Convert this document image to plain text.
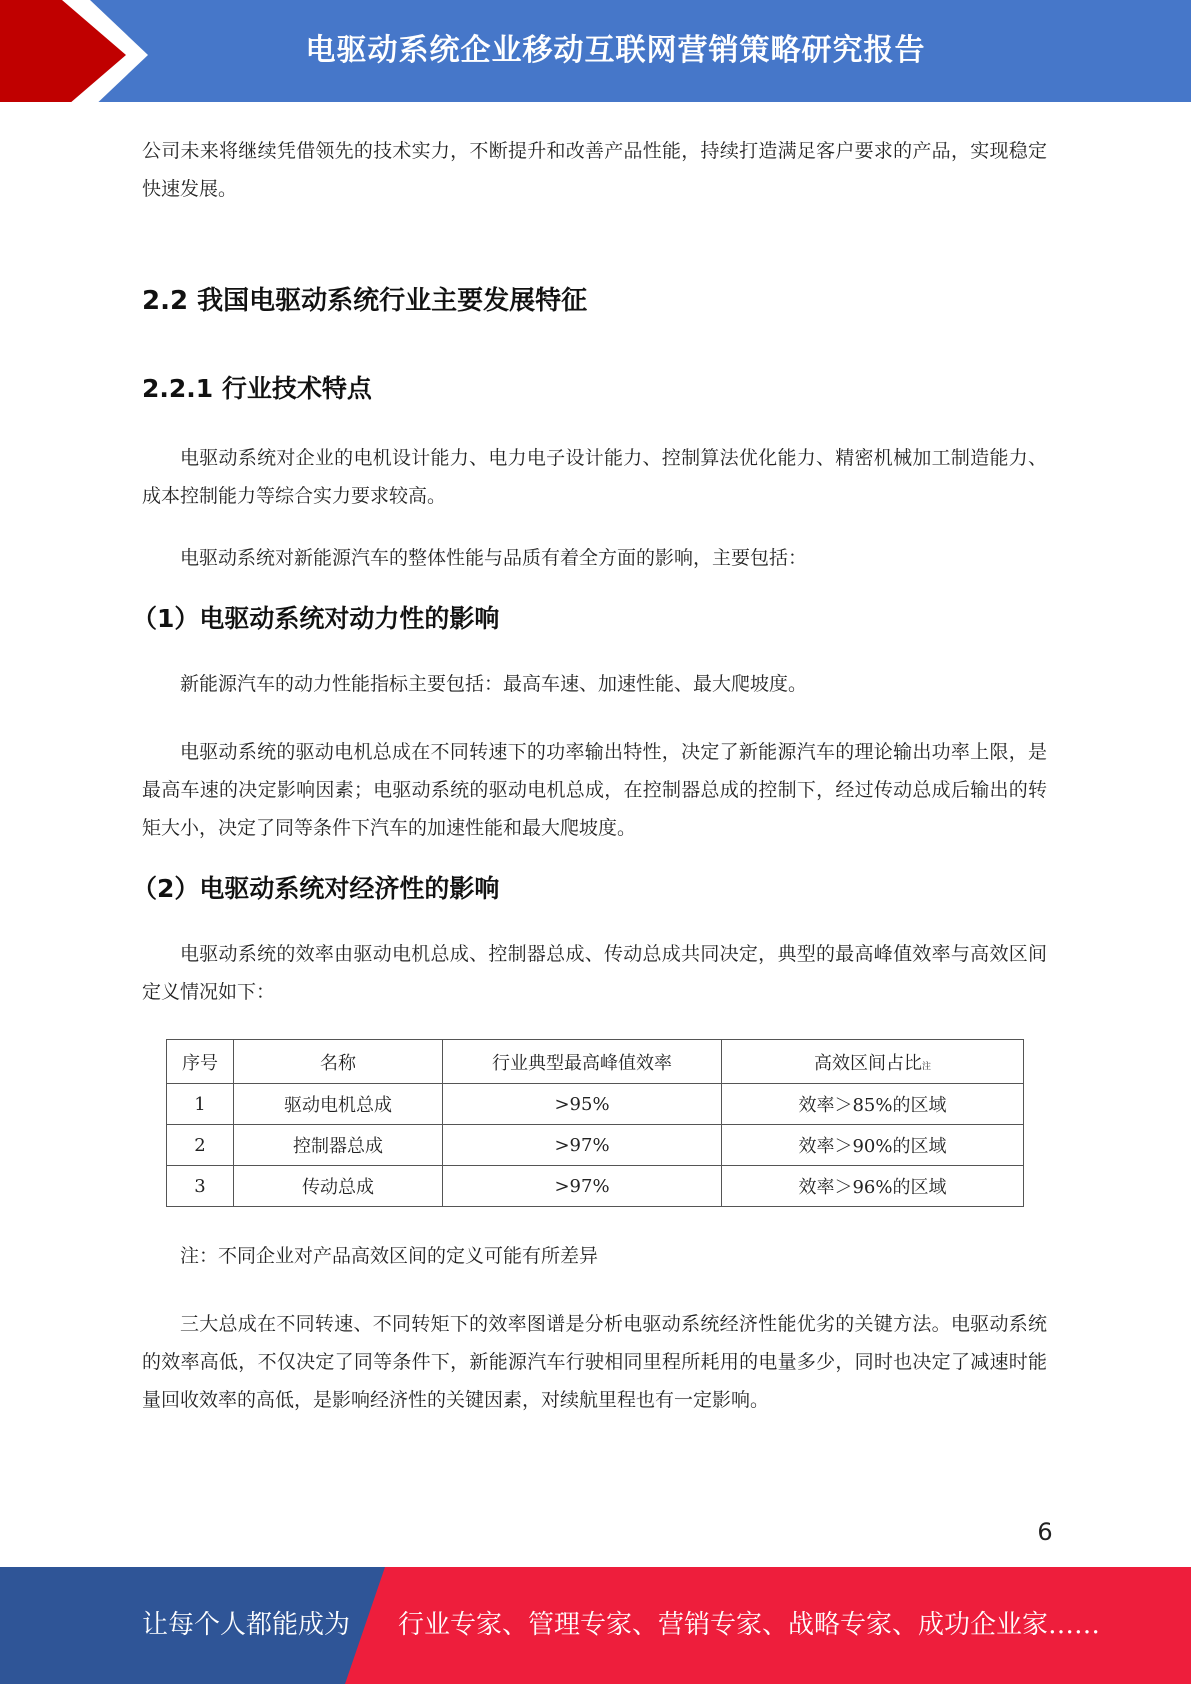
电驱动系统企业移动互联网营销策略研究报告

公司未来将继续凭借领先的技术实力，不断提升和改善产品性能，持续打造满足客户要求的产品，实现稳定快速发展。

2.2 我国电驱动系统行业主要发展特征
2.2.1 行业技术特点

电驱动系统对企业的电机设计能力、电力电子设计能力、控制算法优化能力、精密机械加工制造能力、成本控制能力等综合实力要求较高。

电驱动系统对新能源汽车的整体性能与品质有着全方面的影响，主要包括：

（1）电驱动系统对动力性的影响

新能源汽车的动力性能指标主要包括：最高车速、加速性能、最大爬坡度。

电驱动系统的驱动电机总成在不同转速下的功率输出特性，决定了新能源汽车的理论输出功率上限，是最高车速的决定影响因素；电驱动系统的驱动电机总成，在控制器总成的控制下，经过传动总成后输出的转矩大小，决定了同等条件下汽车的加速性能和最大爬坡度。

（2）电驱动系统对经济性的影响

电驱动系统的效率由驱动电机总成、控制器总成、传动总成共同决定，典型的最高峰值效率与高效区间定义情况如下：

序号	名称	行业典型最高峰值效率	高效区间占比注
1	驱动电机总成	>95%	效率＞85%的区域
2	控制器总成	>97%	效率＞90%的区域
3	传动总成	>97%	效率＞96%的区域

注：不同企业对产品高效区间的定义可能有所差异

三大总成在不同转速、不同转矩下的效率图谱是分析电驱动系统经济性能优劣的关键方法。电驱动系统的效率高低，不仅决定了同等条件下，新能源汽车行驶相同里程所耗用的电量多少，同时也决定了减速时能量回收效率的高低，是影响经济性的关键因素，对续航里程也有一定影响。

6
让每个人都能成为 行业专家、管理专家、营销专家、战略专家、成功企业家……
